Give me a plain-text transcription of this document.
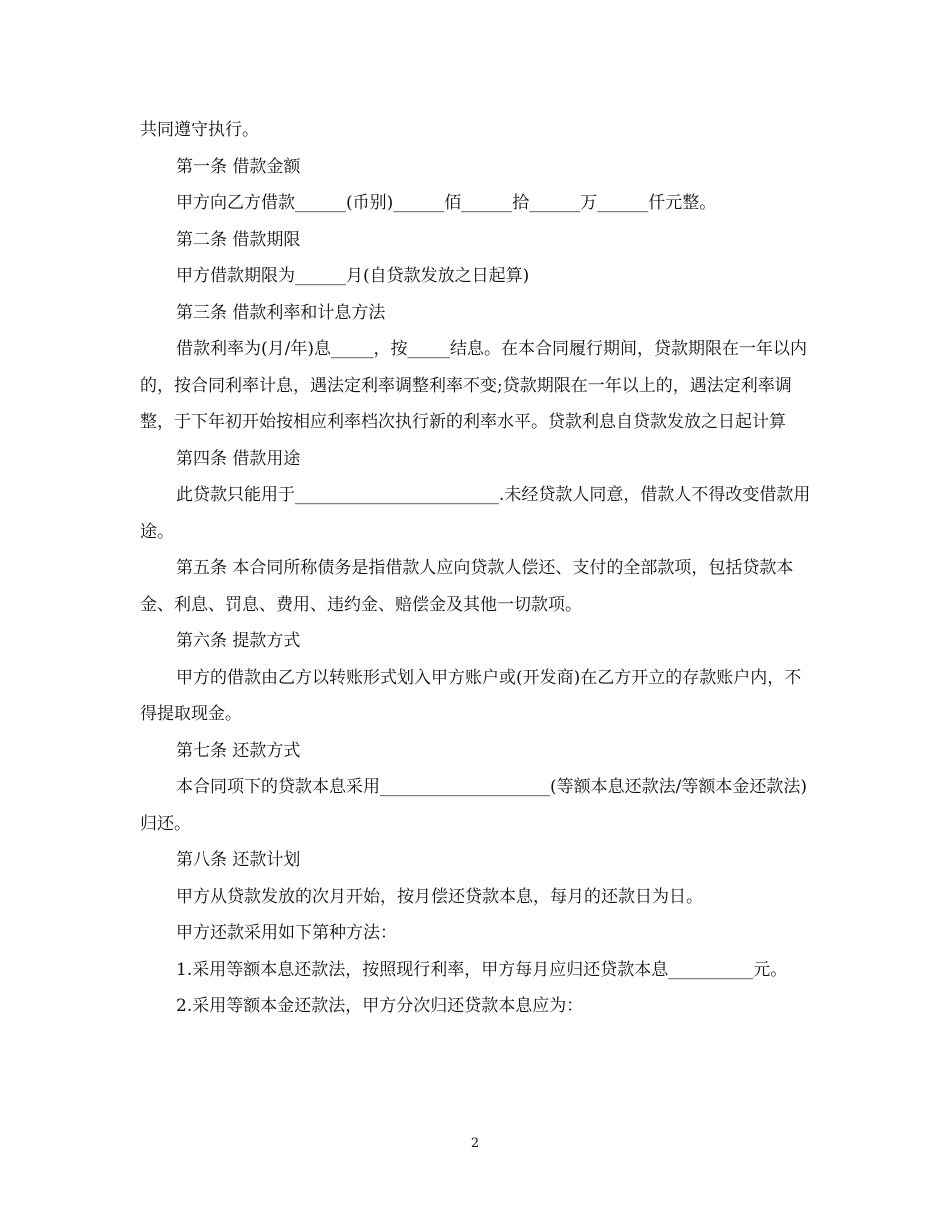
共同遵守执行。

第一条 借款金额

甲方向乙方借款______(币别)______佰______拾______万______仟元整。

第二条 借款期限

甲方借款期限为______月(自贷款发放之日起算)

第三条 借款利率和计息方法

借款利率为(月/年)息_____，按_____结息。在本合同履行期间，贷款期限在一年以内的，按合同利率计息，遇法定利率调整利率不变;贷款期限在一年以上的，遇法定利率调整，于下年初开始按相应利率档次执行新的利率水平。贷款利息自贷款发放之日起计算

第四条 借款用途

此贷款只能用于________________________.未经贷款人同意，借款人不得改变借款用途。

第五条 本合同所称债务是指借款人应向贷款人偿还、支付的全部款项，包括贷款本金、利息、罚息、费用、违约金、赔偿金及其他一切款项。

第六条 提款方式

甲方的借款由乙方以转账形式划入甲方账户或(开发商)在乙方开立的存款账户内，不得提取现金。

第七条 还款方式

本合同项下的贷款本息采用____________________(等额本息还款法/等额本金还款法)归还。

第八条 还款计划

甲方从贷款发放的次月开始，按月偿还贷款本息，每月的还款日为日。

甲方还款采用如下第种方法：

1.采用等额本息还款法，按照现行利率，甲方每月应归还贷款本息__________元。

2.采用等额本金还款法，甲方分次归还贷款本息应为：

2
